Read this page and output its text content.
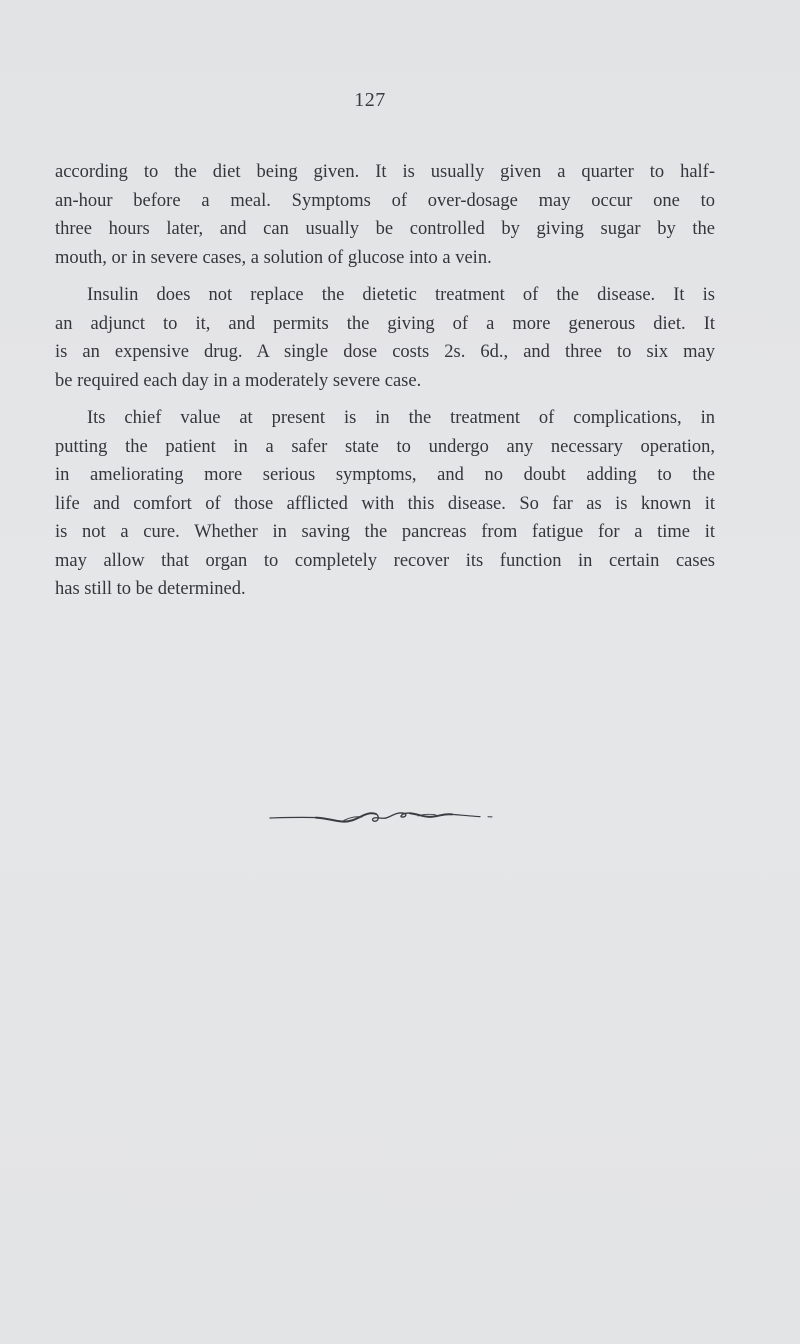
127
according to the diet being given. It is usually given a quarter to half-
an-hour before a meal. Symptoms of over-dosage may occur one to
three hours later, and can usually be controlled by giving sugar by the
mouth, or in severe cases, a solution of glucose into a vein.
Insulin does not replace the dietetic treatment of the disease. It is
an adjunct to it, and permits the giving of a more generous diet. It
is an expensive drug. A single dose costs 2s. 6d., and three to six may
be required each day in a moderately severe case.
Its chief value at present is in the treatment of complications, in
putting the patient in a safer state to undergo any necessary operation,
in ameliorating more serious symptoms, and no doubt adding to the
life and comfort of those afflicted with this disease. So far as is known it
is not a cure. Whether in saving the pancreas from fatigue for a time it
may allow that organ to completely recover its function in certain cases
has still to be determined.
